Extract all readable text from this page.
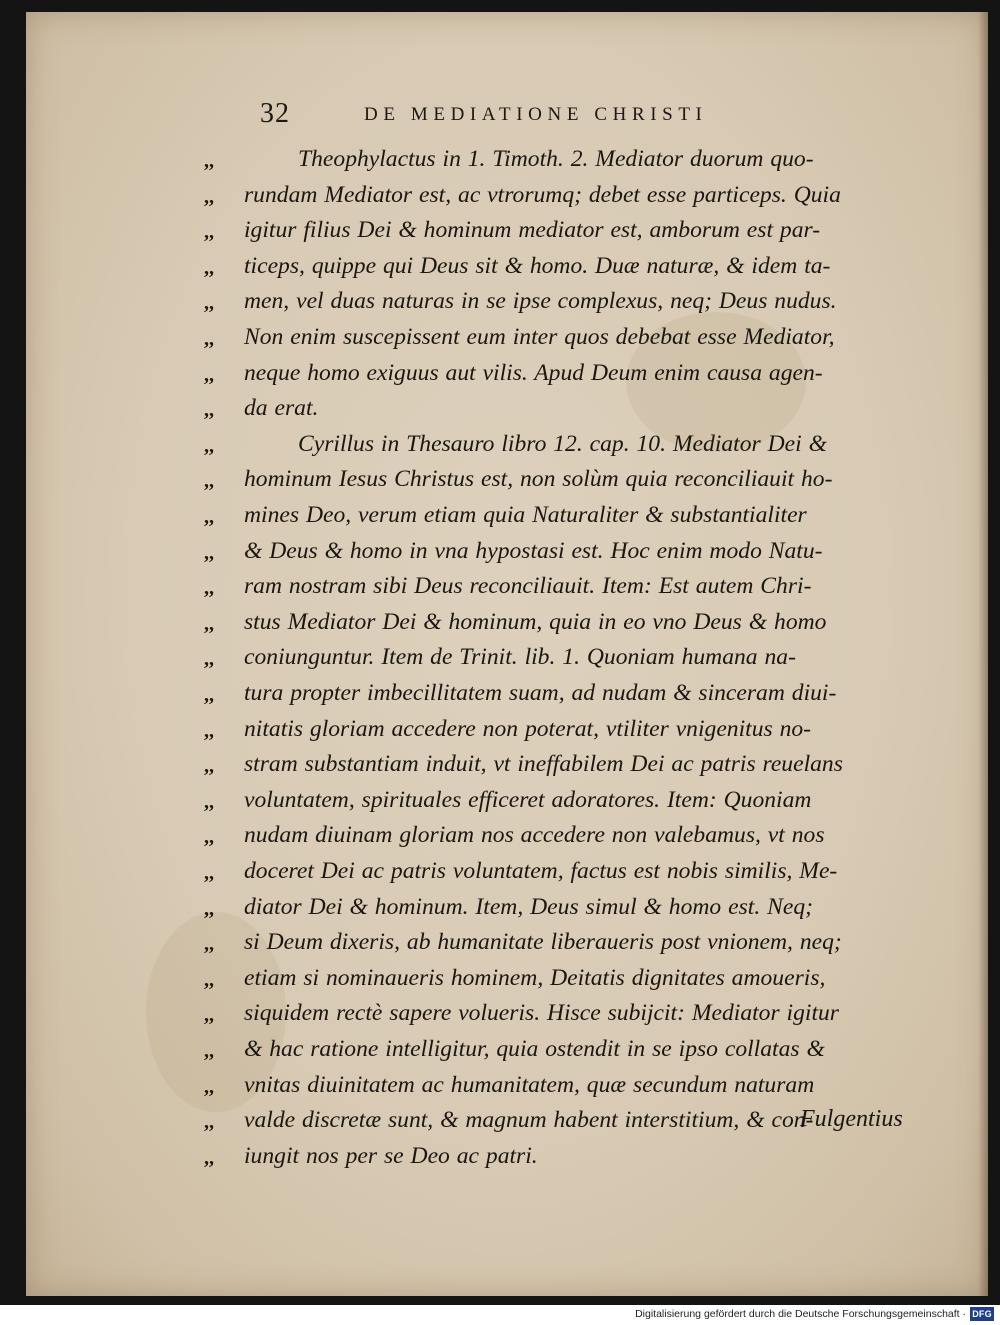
32	DE MEDIATIONE CHRISTI
,,	Theophylactus in 1. Timoth. 2. Mediator duorum quo-
,,	rundam Mediator est, ac vtrorumq; debet esse particeps. Quia
,,	igitur filius Dei & hominum mediator est, amborum est par-
,,	ticeps, quippe qui Deus sit & homo. Duæ naturæ, & idem ta-
,,	men, vel duas naturas in se ipse complexus, neq; Deus nudus.
,,	Non enim suscepissent eum inter quos debebat esse Mediator,
,,	neque homo exiguus aut vilis. Apud Deum enim causa agen-
,,	da erat.
,,	Cyrillus in Thesauro libro 12. cap. 10. Mediator Dei &
,,	hominum Iesus Christus est, non solùm quia reconciliauit ho-
,,	mines Deo, verum etiam quia Naturaliter & substantialiter
,,	& Deus & homo in vna hypostasi est. Hoc enim modo Natu-
,,	ram nostram sibi Deus reconciliauit. Item: Est autem Chri-
,,	stus Mediator Dei & hominum, quia in eo vno Deus & homo
,,	coniunguntur. Item de Trinit. lib. 1. Quoniam humana na-
,,	tura propter imbecillitatem suam, ad nudam & sinceram diui-
,,	nitatis gloriam accedere non poterat, vtiliter vnigenitus no-
,,	stram substantiam induit, vt ineffabilem Dei ac patris reuelans
,,	voluntatem, spirituales efficeret adoratores. Item: Quoniam
,,	nudam diuinam gloriam nos accedere non valebamus, vt nos
,,	doceret Dei ac patris voluntatem, factus est nobis similis, Me-
,,	diator Dei & hominum. Item, Deus simul & homo est. Neq;
,,	si Deum dixeris, ab humanitate liberaueris post vnionem, neq;
,,	etiam si nominaueris hominem, Deitatis dignitates amoueris,
,,	siquidem rectè sapere volueris. Hisce subijcit: Mediator igitur
,,	& hac ratione intelligitur, quia ostendit in se ipso collatas &
,,	vnitas diuinitatem ac humanitatem, quæ secundum naturam
,,	valde discretæ sunt, & magnum habent interstitium, & con-
,,	iungit nos per se Deo ac patri.
Fulgentius
Digitalisierung gefördert durch die Deutsche Forschungsgemeinschaft · DFG
